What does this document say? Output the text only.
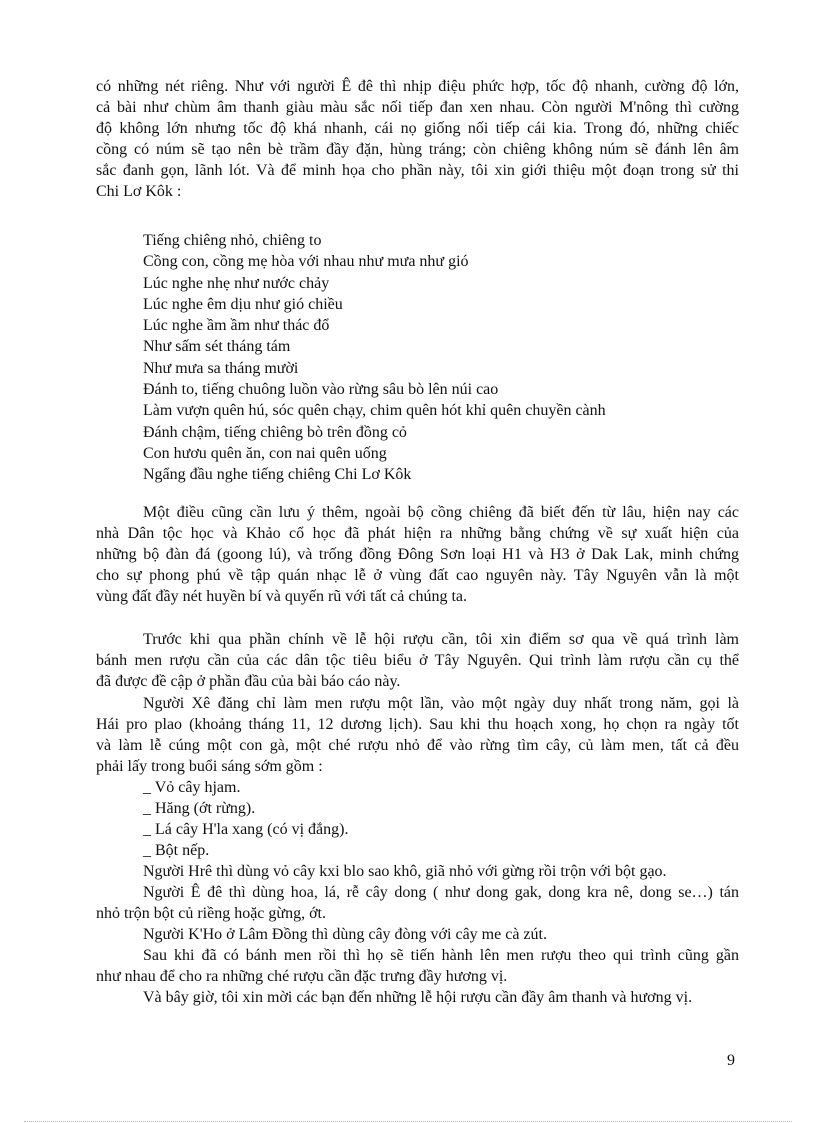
có những nét riêng. Như với người Ê đê thì nhịp điệu phức hợp, tốc độ nhanh, cường độ lớn,
cả bài như chùm âm thanh giàu màu sắc nối tiếp đan xen nhau. Còn người M'nông thì cường
độ không lớn nhưng tốc độ khá nhanh, cái nọ giống nối tiếp cái kia. Trong đó, những chiếc
cồng có núm sẽ tạo nên bè trầm đầy đặn, hùng tráng; còn chiêng không núm sẽ đánh lên âm
sắc đanh gọn, lãnh lót. Và để minh họa cho phần này, tôi xin giới thiệu một đoạn trong sử thi
Chi Lơ Kôk :
Tiếng chiêng nhỏ, chiêng to
Cồng con, cồng mẹ hòa với nhau như mưa như gió
Lúc nghe nhẹ như nước chảy
Lúc nghe êm dịu như gió chiều
Lúc nghe ầm ầm như thác đổ
Như sấm sét tháng tám
Như mưa sa tháng mười
Đánh to, tiếng chuông luồn vào rừng sâu bò lên núi cao
Làm vượn quên hú, sóc quên chạy, chim quên hót khỉ quên chuyền cành
Đánh chậm, tiếng chiêng bò trên đồng cỏ
Con hươu quên ăn, con nai quên uống
Ngẩng đầu nghe tiếng chiêng Chi Lơ Kôk
Một điều cũng cần lưu ý thêm, ngoài bộ cồng chiêng đã biết đến từ lâu, hiện nay các
nhà Dân tộc học và Khảo cổ học đã phát hiện ra những bằng chứng về sự xuất hiện của
những bộ đàn đá (goong lú), và trống đồng Đông Sơn loại H1 và H3 ở Dak Lak, minh chứng
cho sự phong phú về tập quán nhạc lễ ở vùng đất cao nguyên này. Tây Nguyên vẫn là một
vùng đất đầy nét huyền bí và quyến rũ với tất cả chúng ta.
Trước khi qua phần chính về lễ hội rượu cần, tôi xin điểm sơ qua về quá trình làm
bánh men rượu cần của các dân tộc tiêu biểu ở Tây Nguyên. Qui trình làm rượu cần cụ thể
đã được đề cập ở phần đầu của bài báo cáo này.
Người Xê đăng chỉ làm men rượu một lần, vào một ngày duy nhất trong năm, gọi là
Hái pro plao (khoảng tháng 11, 12 dương lịch). Sau khi thu hoạch xong, họ chọn ra ngày tốt
và làm lễ cúng một con gà, một ché rượu nhỏ để vào rừng tìm cây, củ làm men, tất cả đều
phải lấy trong buổi sáng sớm gồm :
_ Vỏ cây hjam.
_ Hăng (ớt rừng).
_ Lá cây H'la xang (có vị đắng).
_ Bột nếp.
Người Hrê thì dùng vỏ cây kxi blo sao khô, giã nhỏ với gừng rồi trộn với bột gạo.
Người Ê đê thì dùng hoa, lá, rễ cây dong ( như dong gak, dong kra nê, dong se…) tán
nhỏ trộn bột củ riềng hoặc gừng, ớt.
Người K'Ho ở Lâm Đồng thì dùng cây đòng với cây me cà zút.
Sau khi đã có bánh men rồi thì họ sẽ tiến hành lên men rượu theo qui trình cũng gần
như nhau để cho ra những ché rượu cần đặc trưng đầy hương vị.
Và bây giờ, tôi xin mời các bạn đến những lễ hội rượu cần đầy âm thanh và hương vị.
9
